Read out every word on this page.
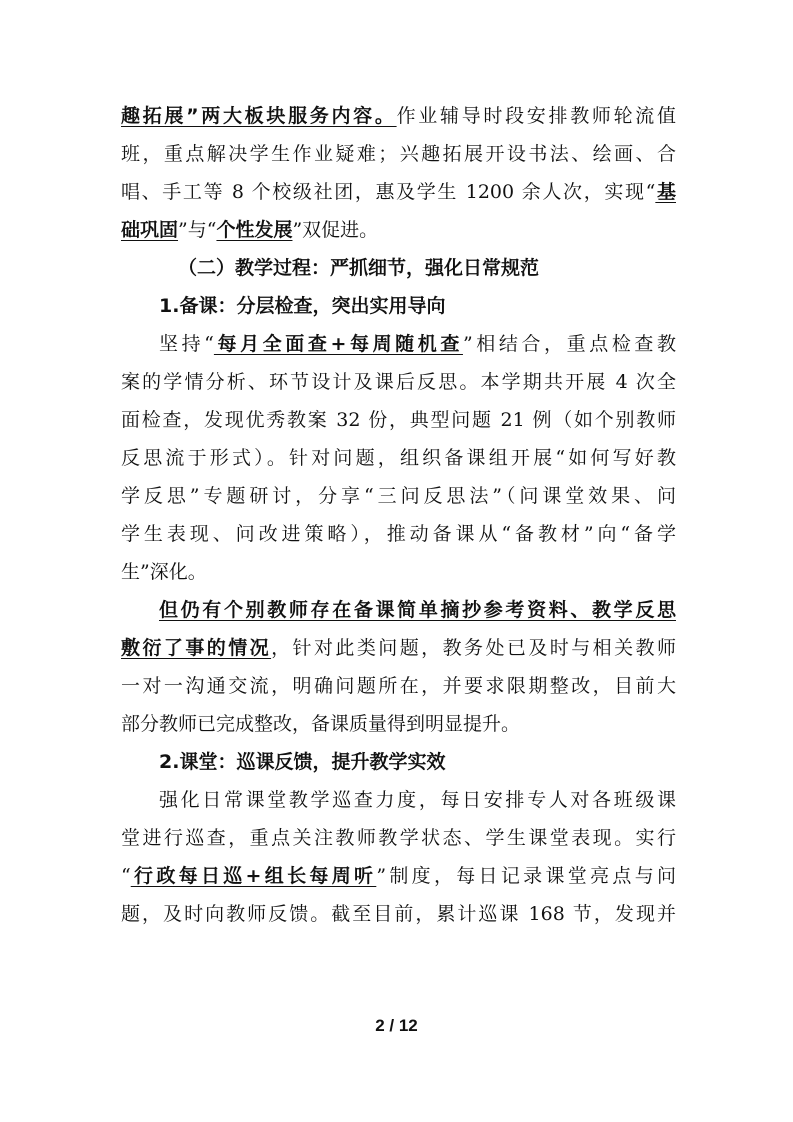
趣拓展”两大板块服务内容。作业辅导时段安排教师轮流值

班，重点解决学生作业疑难；兴趣拓展开设书法、绘画、合

唱、手工等 8 个校级社团，惠及学生 1200 余人次，实现“基

础巩固”与“个性发展”双促进。

（二）教学过程：严抓细节，强化日常规范

1.备课：分层检查，突出实用导向

坚持“每月全面查+每周随机查”相结合，重点检查教

案的学情分析、环节设计及课后反思。本学期共开展 4 次全

面检查，发现优秀教案 32 份，典型问题 21 例（如个别教师

反思流于形式）。针对问题，组织备课组开展“如何写好教

学反思”专题研讨，分享“三问反思法”（问课堂效果、问

学生表现、问改进策略），推动备课从“备教材”向“备学

生”深化。

但仍有个别教师存在备课简单摘抄参考资料、教学反思

敷衍了事的情况，针对此类问题，教务处已及时与相关教师

一对一沟通交流，明确问题所在，并要求限期整改，目前大

部分教师已完成整改，备课质量得到明显提升。

2.课堂：巡课反馈，提升教学实效

强化日常课堂教学巡查力度，每日安排专人对各班级课

堂进行巡查，重点关注教师教学状态、学生课堂表现。实行

“行政每日巡+组长每周听”制度，每日记录课堂亮点与问

题，及时向教师反馈。截至目前，累计巡课 168 节，发现并

2 / 12
